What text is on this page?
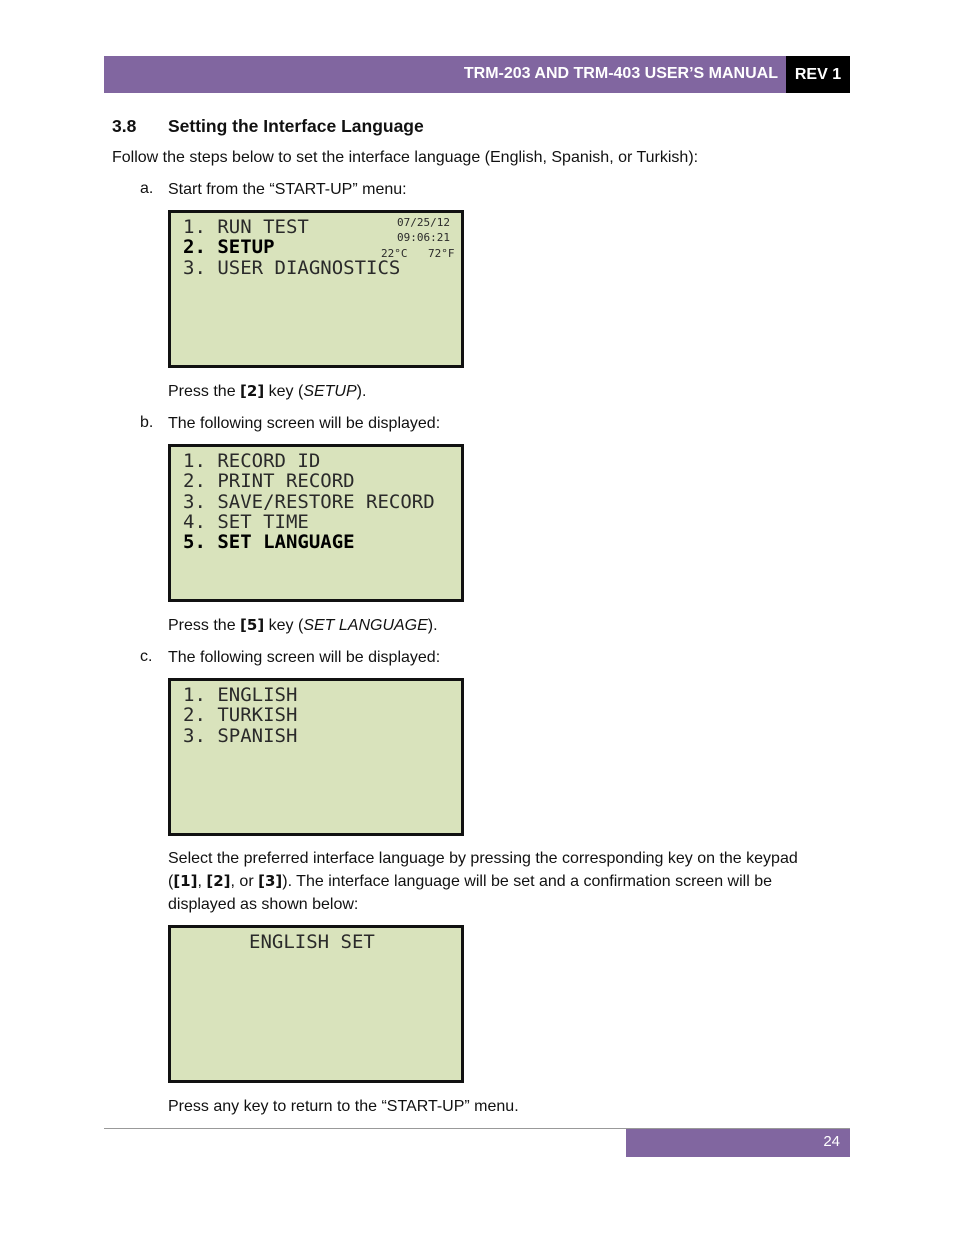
TRM-203 AND TRM-403 USER’S MANUAL	REV 1
3.8 Setting the Interface Language
Follow the steps below to set the interface language (English, Spanish, or Turkish):
a. Start from the “START-UP” menu:
1. RUN TEST
2. SETUP
3. USER DIAGNOSTICS
07/25/12
09:06:21
22°C 72°F
Press the [2] key (SETUP).
b. The following screen will be displayed:
1. RECORD ID
2. PRINT RECORD
3. SAVE/RESTORE RECORD
4. SET TIME
5. SET LANGUAGE
Press the [5] key (SET LANGUAGE).
c. The following screen will be displayed:
1. ENGLISH
2. TURKISH
3. SPANISH
Select the preferred interface language by pressing the corresponding key on the keypad ([1], [2], or [3]). The interface language will be set and a confirmation screen will be displayed as shown below:
ENGLISH SET
Press any key to return to the “START-UP” menu.
24
